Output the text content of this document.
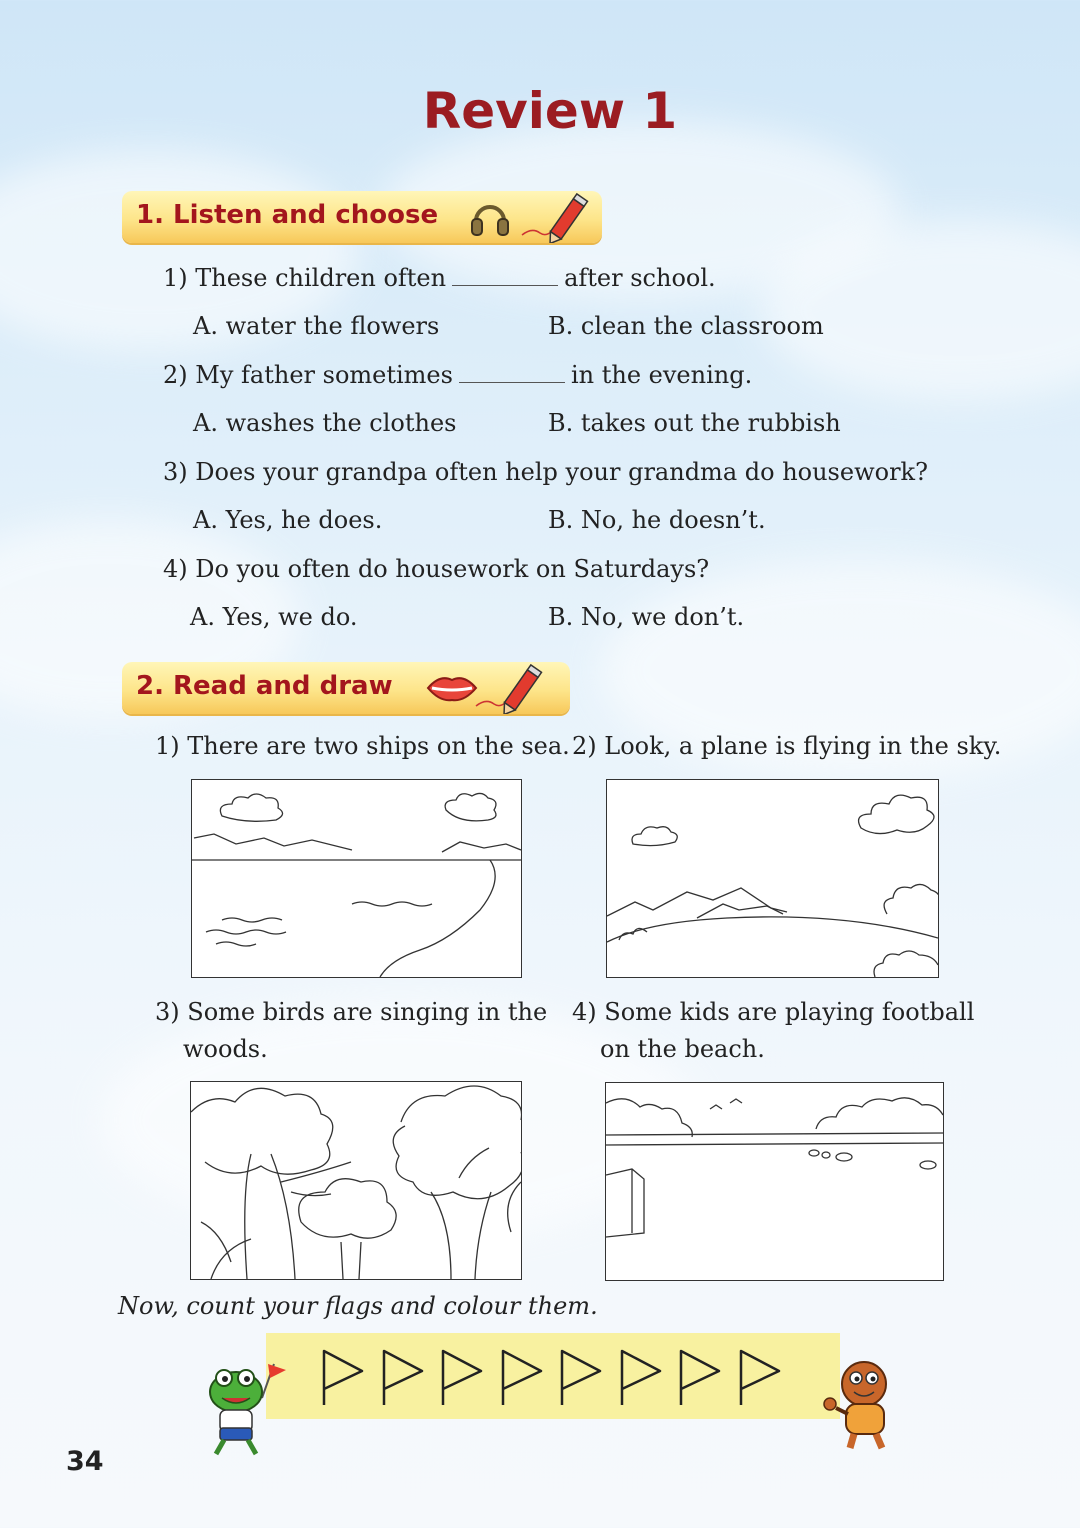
Review 1
1. Listen and choose
1) These children often	after school.
A. water the flowers	B. clean the classroom
2) My father sometimes	in the evening.
A. washes the clothes	B. takes out the rubbish
3) Does your grandpa often help your grandma do housework?
A. Yes, he does.	B. No, he doesn’t.
4) Do you often do housework on Saturdays?
A. Yes, we do.	B. No, we don’t.
2. Read and draw
1) There are two ships on the sea. 2) Look, a plane is flying in the sky.
3) Some birds are singing in the
woods.
4) Some kids are playing football
on the beach.
Now, count your flags and colour them.
34
